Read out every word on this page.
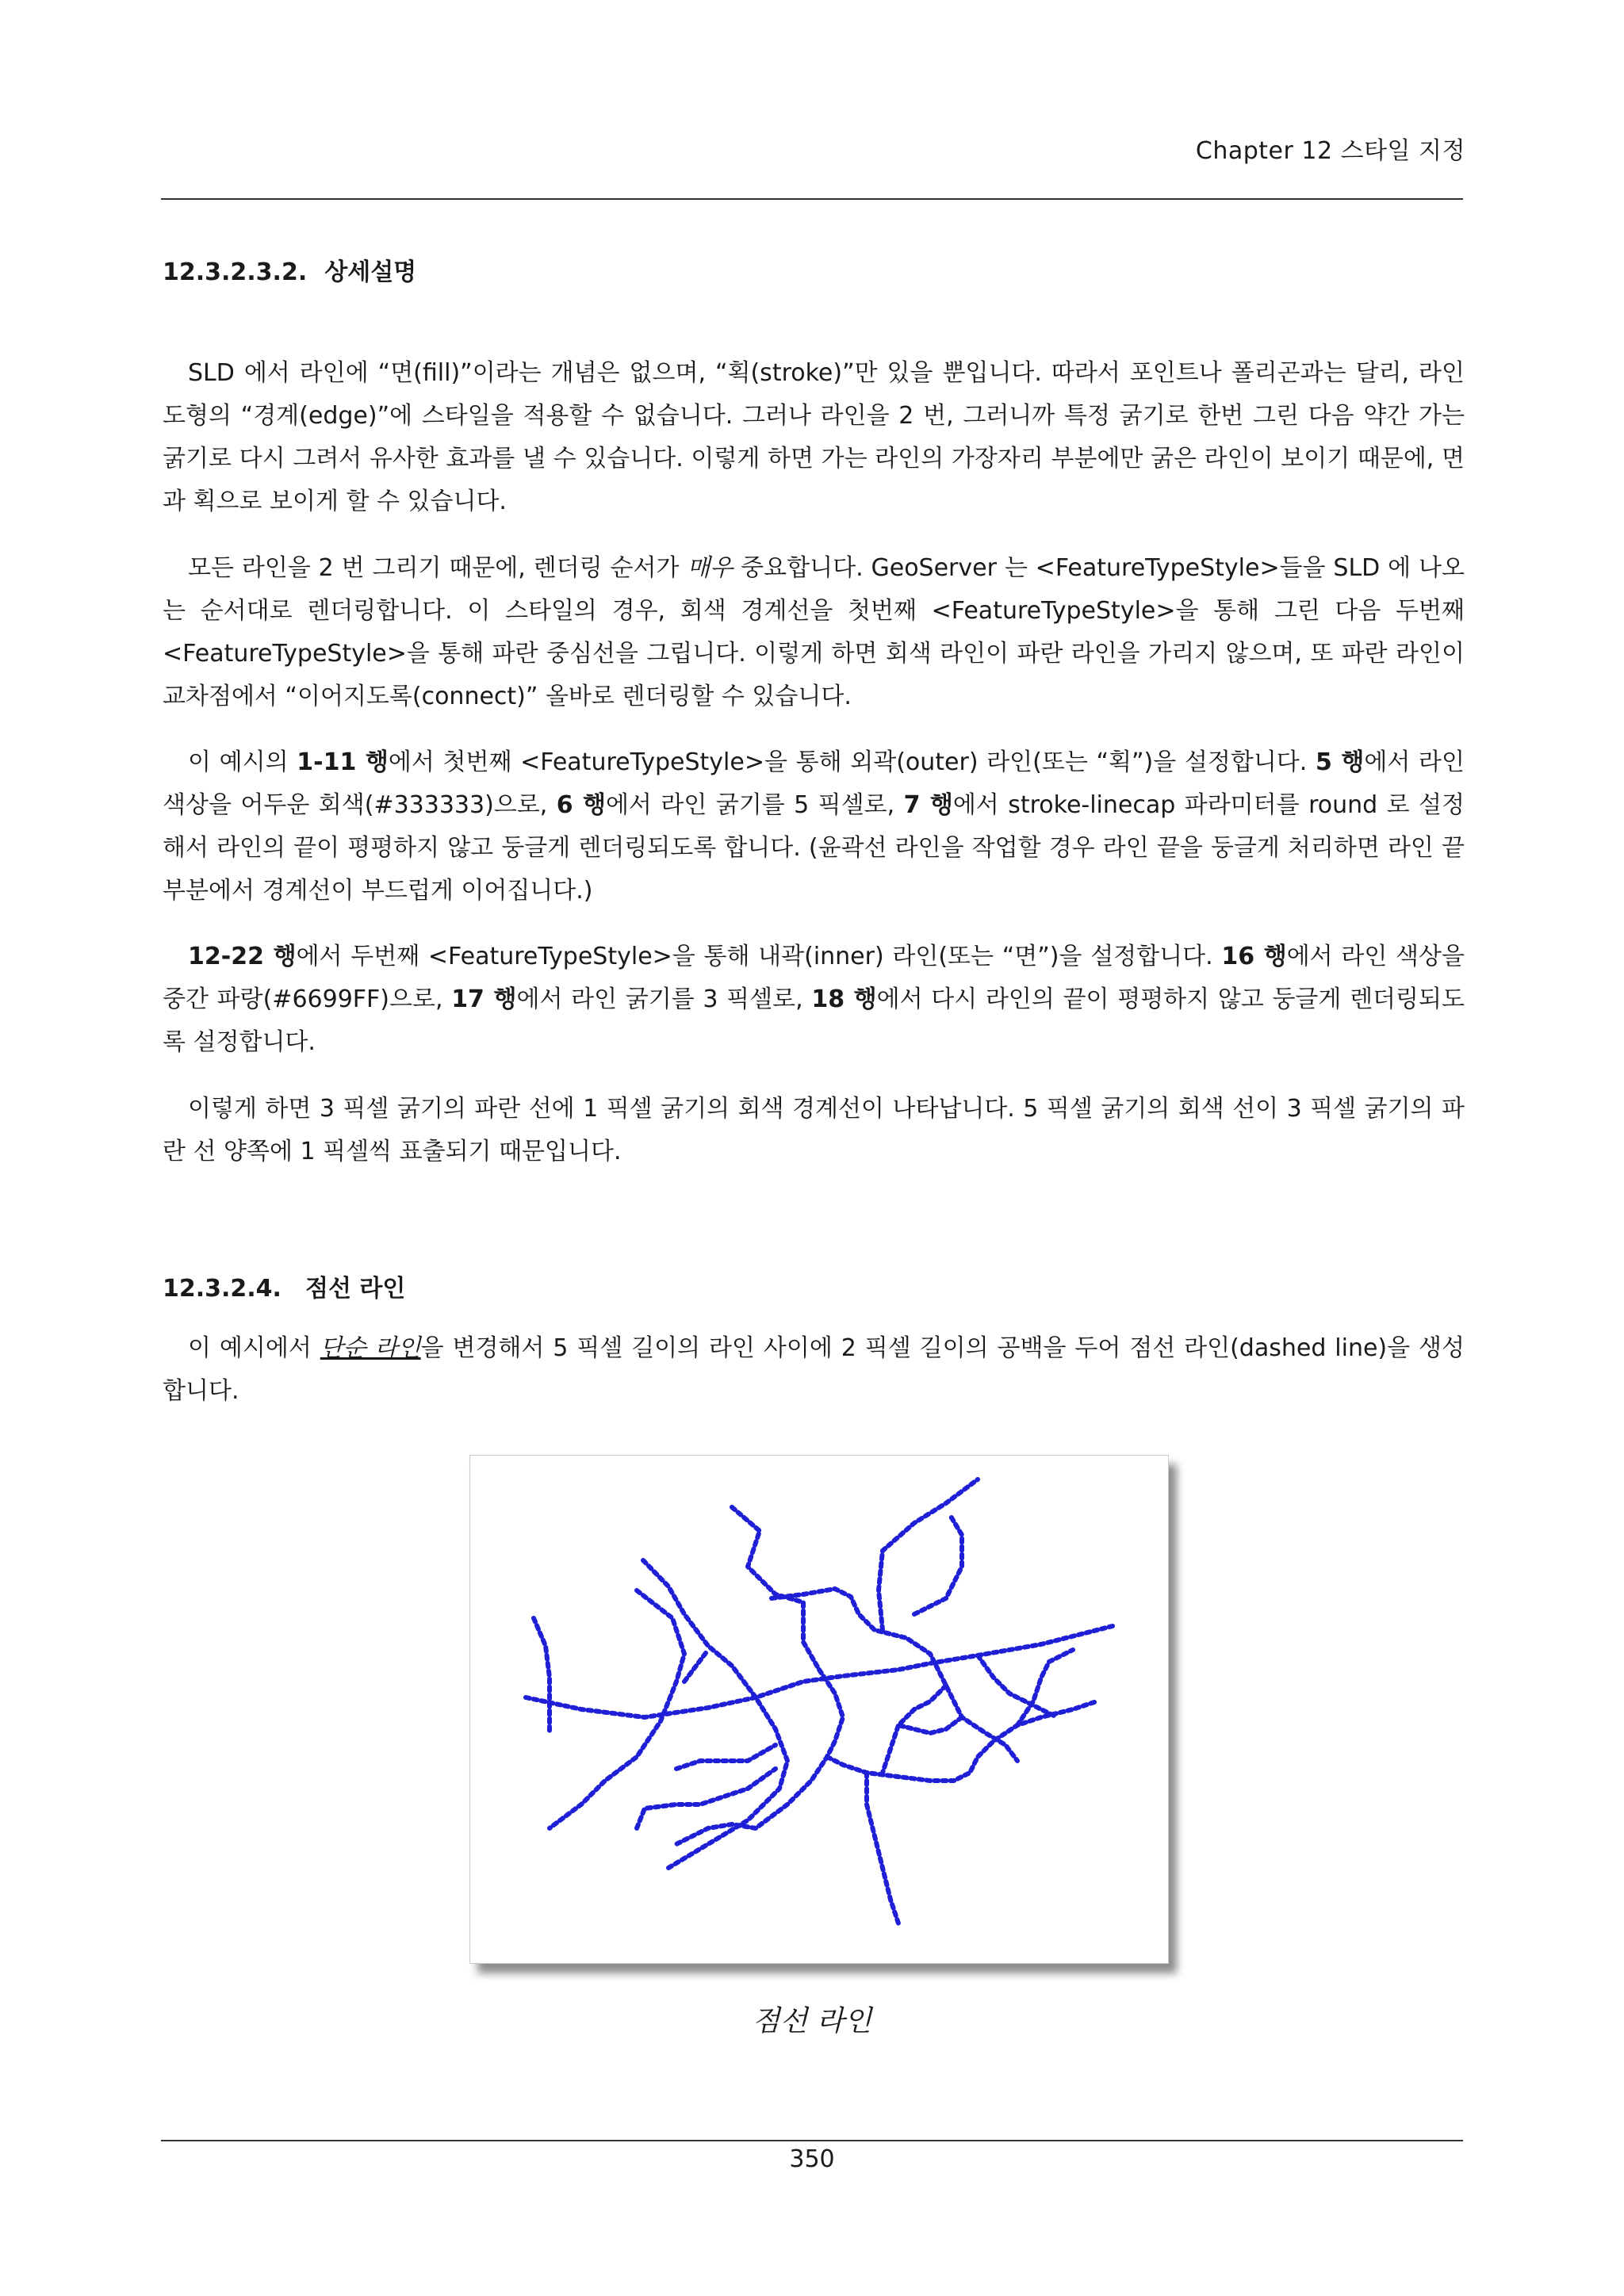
Chapter 12 스타일 지정
12.3.2.3.2. 상세설명

SLD 에서 라인에 “면(fill)”이라는 개념은 없으며, “획(stroke)”만 있을 뿐입니다. 따라서 포인트나 폴리곤과는 달리, 라인 도형의 “경계(edge)”에 스타일을 적용할 수 없습니다. 그러나 라인을 2 번, 그러니까 특정 굵기로 한번 그린 다음 약간 가는 굵기로 다시 그려서 유사한 효과를 낼 수 있습니다. 이렇게 하면 가는 라인의 가장자리 부분에만 굵은 라인이 보이기 때문에, 면과 획으로 보이게 할 수 있습니다.

모든 라인을 2 번 그리기 때문에, 렌더링 순서가 매우 중요합니다. GeoServer 는 <FeatureTypeStyle>들을 SLD 에 나오는 순서대로 렌더링합니다. 이 스타일의 경우, 회색 경계선을 첫번째 <FeatureTypeStyle>을 통해 그린 다음 두번째 <FeatureTypeStyle>을 통해 파란 중심선을 그립니다. 이렇게 하면 회색 라인이 파란 라인을 가리지 않으며, 또 파란 라인이 교차점에서 “이어지도록(connect)” 올바로 렌더링할 수 있습니다.

이 예시의 1-11 행에서 첫번째 <FeatureTypeStyle>을 통해 외곽(outer) 라인(또는 “획”)을 설정합니다. 5 행에서 라인 색상을 어두운 회색(#333333)으로, 6 행에서 라인 굵기를 5 픽셀로, 7 행에서 stroke-linecap 파라미터를 round 로 설정해서 라인의 끝이 평평하지 않고 둥글게 렌더링되도록 합니다. (윤곽선 라인을 작업할 경우 라인 끝을 둥글게 처리하면 라인 끝 부분에서 경계선이 부드럽게 이어집니다.)

12-22 행에서 두번째 <FeatureTypeStyle>을 통해 내곽(inner) 라인(또는 “면”)을 설정합니다. 16 행에서 라인 색상을 중간 파랑(#6699FF)으로, 17 행에서 라인 굵기를 3 픽셀로, 18 행에서 다시 라인의 끝이 평평하지 않고 둥글게 렌더링되도록 설정합니다.

이렇게 하면 3 픽셀 굵기의 파란 선에 1 픽셀 굵기의 회색 경계선이 나타납니다. 5 픽셀 굵기의 회색 선이 3 픽셀 굵기의 파란 선 양쪽에 1 픽셀씩 표출되기 때문입니다.

12.3.2.4. 점선 라인

이 예시에서 단순 라인을 변경해서 5 픽셀 길이의 라인 사이에 2 픽셀 길이의 공백을 두어 점선 라인(dashed line)을 생성합니다.

점선 라인
350
